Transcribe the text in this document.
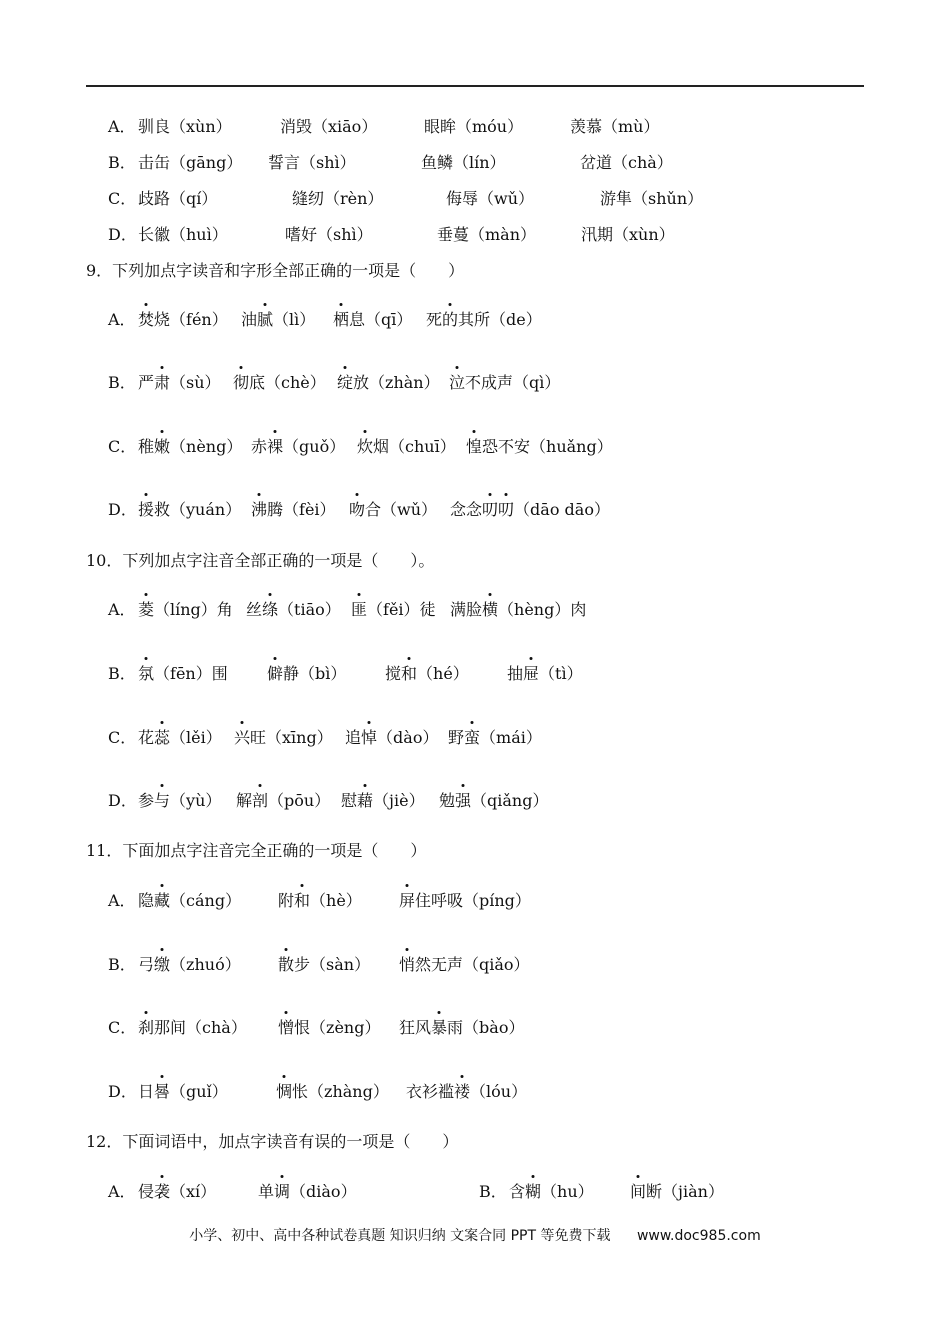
A． 驯良（xùn）	消毁（xiāo）	眼眸（móu）	羡慕（mù）
B． 击缶（gāng） 誓言（shì）	鱼鳞（lín）	岔道（chà）
C． 歧路（qí）	缝纫（rèn）	侮辱（wǔ）	游隼（shǔn）
D． 长徽（huì）	嗜好（shì）	垂蔓（màn）	汛期（xùn）
9．下列加点字读音和字形全部正确的一项是（　　）
A． 焚烧（fén） 油腻（lì） 栖息（qī） 死的其所（de）
B． 严肃（sù） 彻底（chè） 绽放（zhàn） 泣不成声（qì）
C． 稚嫩（nèng） 赤裸（guǒ） 炊烟（chuī） 惶恐不安（huǎng）
D． 援救（yuán） 沸腾（fèi） 吻合（wǔ） 念念叨叨（dāo dāo）
10．下列加点字注音全部正确的一项是（　　）。
A． 菱（líng）角 丝绦（tiāo） 匪（fěi）徒 满脸横（hèng）肉
B． 氛（fēn）围 僻静（bì） 搅和（hé） 抽屉（tì）
C． 花蕊（lěi） 兴旺（xīng） 追悼（dào） 野蛮（mái）
D． 参与（yù） 解剖（pōu） 慰藉（jiè） 勉强（qiǎng）
11．下面加点字注音完全正确的一项是（　　）
A． 隐藏（cáng） 附和（hè） 屏住呼吸（píng）
B． 弓缴（zhuó） 散步（sàn） 悄然无声（qiǎo）
C． 刹那间（chà） 憎恨（zèng） 狂风暴雨（bào）
D． 日晷（guǐ）	惆怅（zhàng） 衣衫褴褛（lóu）
12．下面词语中，加点字读音有误的一项是（　　）
A． 侵袭（xí）	单调（diào）	B． 含糊（hu） 间断（jiàn）
小学、初中、高中各种试卷真题 知识归纳 文案合同 PPT 等免费下载 www.doc985.com
